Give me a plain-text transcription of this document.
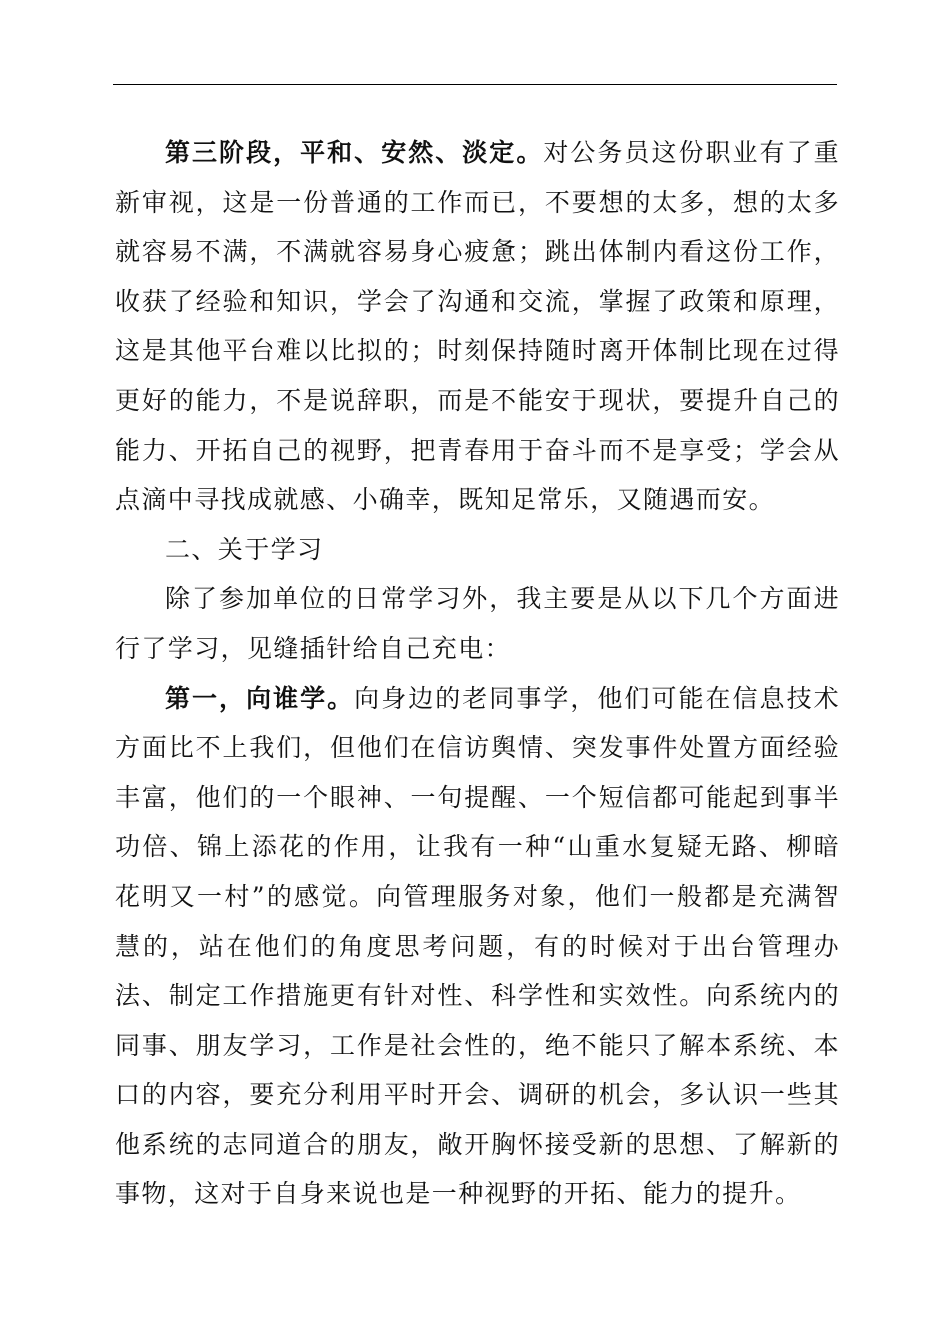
第三阶段，平和、安然、淡定。对公务员这份职业有了重新审视，这是一份普通的工作而已，不要想的太多，想的太多就容易不满，不满就容易身心疲惫；跳出体制内看这份工作，收获了经验和知识，学会了沟通和交流，掌握了政策和原理，这是其他平台难以比拟的；时刻保持随时离开体制比现在过得更好的能力，不是说辞职，而是不能安于现状，要提升自己的能力、开拓自己的视野，把青春用于奋斗而不是享受；学会从点滴中寻找成就感、小确幸，既知足常乐，又随遇而安。

二、关于学习

除了参加单位的日常学习外，我主要是从以下几个方面进行了学习，见缝插针给自己充电：

第一，向谁学。向身边的老同事学，他们可能在信息技术方面比不上我们，但他们在信访舆情、突发事件处置方面经验丰富，他们的一个眼神、一句提醒、一个短信都可能起到事半功倍、锦上添花的作用，让我有一种“山重水复疑无路、柳暗花明又一村”的感觉。向管理服务对象，他们一般都是充满智慧的，站在他们的角度思考问题，有的时候对于出台管理办法、制定工作措施更有针对性、科学性和实效性。向系统内的同事、朋友学习，工作是社会性的，绝不能只了解本系统、本口的内容，要充分利用平时开会、调研的机会，多认识一些其他系统的志同道合的朋友，敞开胸怀接受新的思想、了解新的事物，这对于自身来说也是一种视野的开拓、能力的提升。
